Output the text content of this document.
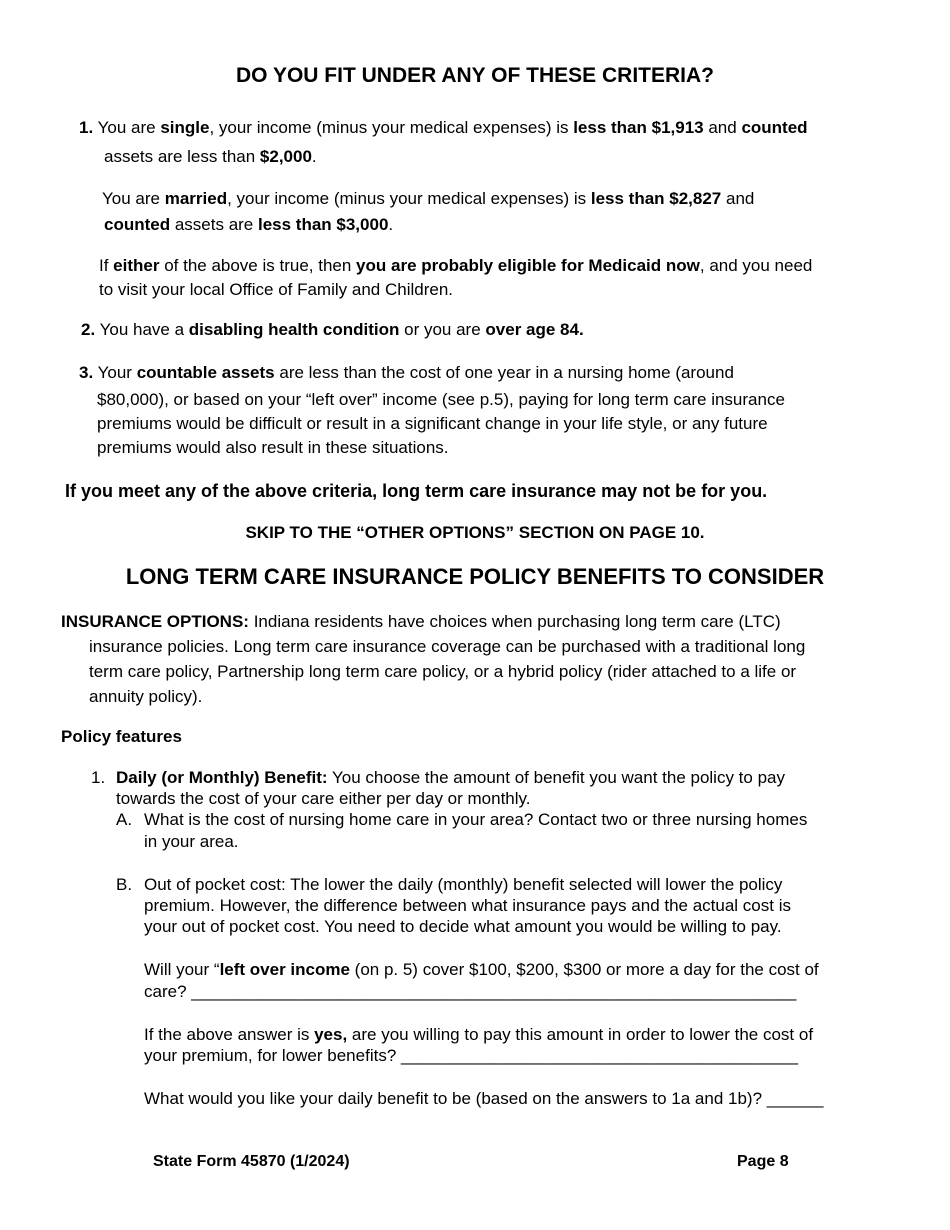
DO YOU FIT UNDER ANY OF THESE CRITERIA?
1. You are single, your income (minus your medical expenses) is less than $1,913 and counted
assets are less than $2,000.
You are married, your income (minus your medical expenses) is less than $2,827 and
counted assets are less than $3,000.
If either of the above is true, then you are probably eligible for Medicaid now, and you need
to visit your local Office of Family and Children.
2. You have a disabling health condition or you are over age 84.
3. Your countable assets are less than the cost of one year in a nursing home (around
$80,000), or based on your “left over” income (see p.5), paying for long term care insurance
premiums would be difficult or result in a significant change in your life style, or any future
premiums would also result in these situations.
If you meet any of the above criteria, long term care insurance may not be for you.
SKIP TO THE “OTHER OPTIONS” SECTION ON PAGE 10.
LONG TERM CARE INSURANCE POLICY BENEFITS TO CONSIDER
INSURANCE OPTIONS: Indiana residents have choices when purchasing long term care (LTC)
insurance policies. Long term care insurance coverage can be purchased with a traditional long
term care policy, Partnership long term care policy, or a hybrid policy (rider attached to a life or
annuity policy).
Policy features
1. Daily (or Monthly) Benefit: You choose the amount of benefit you want the policy to pay
towards the cost of your care either per day or monthly.
A. What is the cost of nursing home care in your area? Contact two or three nursing homes
in your area.
B. Out of pocket cost: The lower the daily (monthly) benefit selected will lower the policy
premium. However, the difference between what insurance pays and the actual cost is
your out of pocket cost. You need to decide what amount you would be willing to pay.
Will your “left over income (on p. 5) cover $100, $200, $300 or more a day for the cost of
care? ________________________________________________________________
If the above answer is yes, are you willing to pay this amount in order to lower the cost of
your premium, for lower benefits? __________________________________________
What would you like your daily benefit to be (based on the answers to 1a and 1b)? ______
State Form 45870 (1/2024)	Page 8
